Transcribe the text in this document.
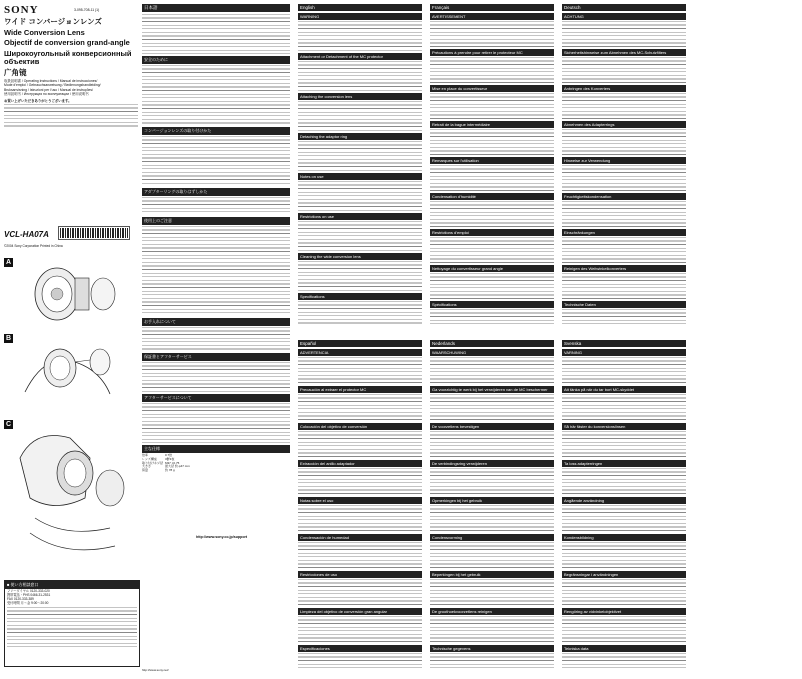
SONY	3-095-708-11 (1)
ワイド コンバージョンレンズ
Wide Conversion Lens
Objectif de conversion grand-angle
Широкоугольный конверсионный объектив
广角镜
取扱説明書 / Operating Instructions / Manual de instrucciones/
Mode d'emploi / Gebrauchsanweisung / Bedienungshandleiding/
Bruksanvisning / Istruzioni per l'uso / Manual de instruções/
使用説明书 / Инструкция по эксплуатации / 使用说明书
お買い上げいただきありがとうございます。
VCL-HA07A
©2004 Sony Corporation Printed in China
A
B
C
■ 使い方相談窓口
フリーダイヤル 0120-333-020
携帯電話・PHS 0466-31-2531
FAX 0120-333-389
受付時間 月〜金 9:00〜20:00
日本語
安全のために
コンバージョンレンズの取り付けかた
アダプターリングの取りはずしかた
使用上のご注意
お手入れについて
保証書とアフターサービス
アフターサービスについて
主な仕様
倍率	0.7倍
レンズ構成	3群3枚
取り付けネジ径	M37 ×0.75
大きさ	最大径 約 φ47 mm
質量	約 78 g
http://www.sony.co.jp/support
http://www.sony.net/
English
WARNING
Attachment or Detachment of the MC protector
Attaching the conversion lens
Detaching the adaptor ring
Notes on use
Restrictions on use
Cleaning the wide conversion lens
Specifications
Español
ADVERTENCIA
Precaución al extraer el protector MC
Colocación del objetivo de conversión
Extracción del anillo adaptador
Notas sobre el uso
Condensación de humedad
Restricciones de uso
Limpieza del objetivo de conversión gran angular
Especificaciones
Français
AVERTISSEMENT
Précautions à prendre pour retirer le protecteur MC
Mise en place du convertisseur
Retrait de la bague intermédiaire
Remarques sur l'utilisation
Condensation d'humidité
Restrictions d'emploi
Nettoyage du convertisseur grand angle
Spécifications
Nederlands
WAARSCHUWING
Ga voorzichtig te werk bij het verwijderen van de MC beschermer
De voorzetlens bevestigen
De verbindingsring verwijderen
Opmerkingen bij het gebruik
Condensvorming
Beperkingen bij het gebruik
De groothoekvoorzetlens reinigen
Technische gegevens
Deutsch
ACHTUNG
Sicherheitshinweise zum Abnehmen des MC-Schutzfilters
Anbringen des Konverters
Abnehmen des Adapterrings
Hinweise zur Verwendung
Feuchtigkeitskondensation
Einschränkungen
Reinigen des Weitwinkelkonverters
Technische Daten
Svenska
VARNING
Att tänka på när du tar bort MC-skyddet
Så här fäster du konversionslinsen
Ta loss adapterringen
Angående användning
Kondensbildning
Begränsningar i användningen
Rengöring av vidvinkelobjektivet
Tekniska data
